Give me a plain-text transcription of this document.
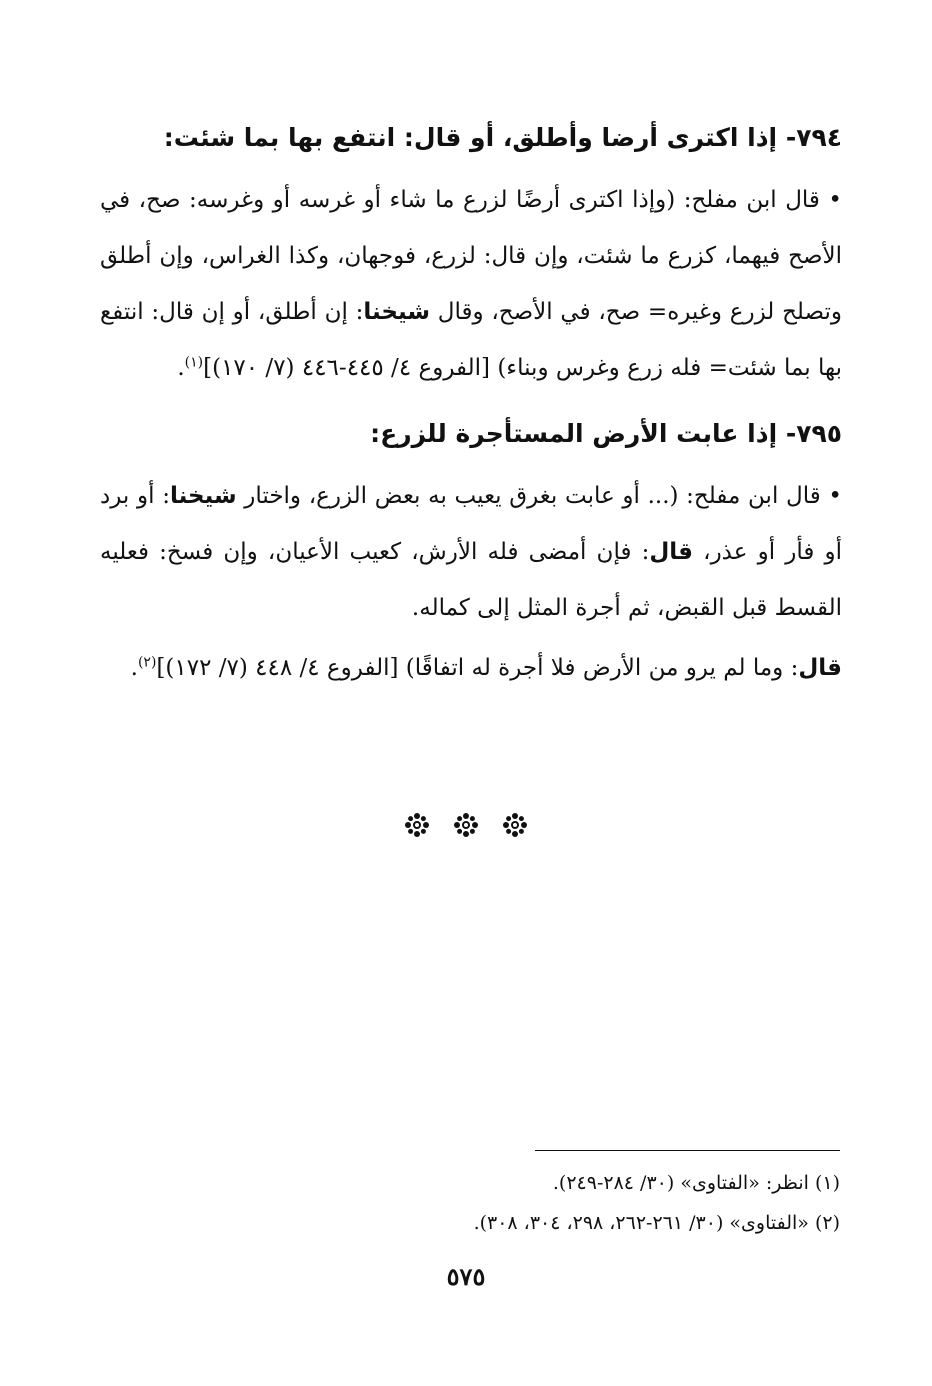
٧٩٤- إذا اكترى أرضا وأطلق، أو قال: انتفع بها بما شئت:

• قال ابن مفلح: (وإذا اكترى أرضًا لزرع ما شاء أو غرسه أو وغرسه: صح، في الأصح فيهما، كزرع ما شئت، وإن قال: لزرع، فوجهان، وكذا الغراس، وإن أطلق وتصلح لزرع وغيره= صح، في الأصح، وقال شيخنا: إن أطلق، أو إن قال: انتفع بها بما شئت= فله زرع وغرس وبناء) [الفروع ٤/ ٤٤٥-٤٤٦ (٧/ ١٧٠)]$^{(١)}$.

٧٩٥- إذا عابت الأرض المستأجرة للزرع:

• قال ابن مفلح: (... أو عابت بغرق يعيب به بعض الزرع، واختار شيخنا: أو برد أو فأر أو عذر، قال: فإن أمضى فله الأرش، كعيب الأعيان، وإن فسخ: فعليه القسط قبل القبض، ثم أجرة المثل إلى كماله.

قال: وما لم يرو من الأرض فلا أجرة له اتفاقًا) [الفروع ٤/ ٤٤٨ (٧/ ١٧٢)]$^{(٢)}$.

(١) انظر: «الفتاوى» (٣٠/ ٢٨٤-٢٤٩).
(٢) «الفتاوى» (٣٠/ ٢٦١-٢٦٢، ٢٩٨، ٣٠٤، ٣٠٨).
٥٧٥
